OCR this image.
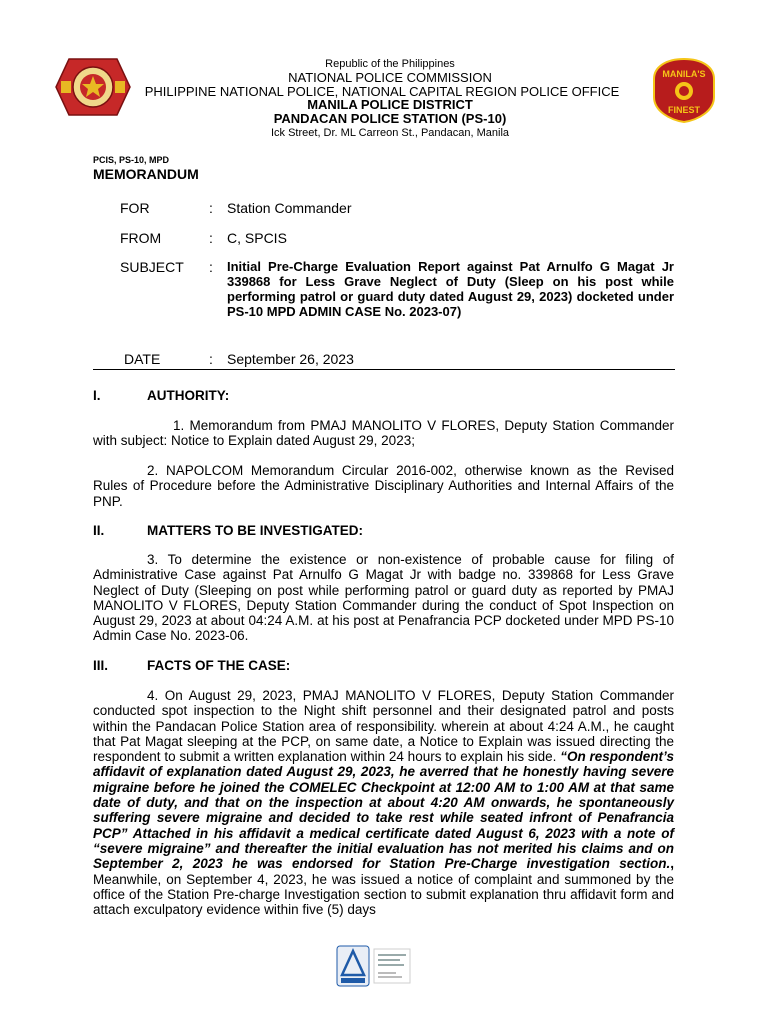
Republic of the Philippines
NATIONAL POLICE COMMISSION
PHILIPPINE NATIONAL POLICE, NATIONAL CAPITAL REGION POLICE OFFICE
MANILA POLICE DISTRICT
PANDACAN POLICE STATION (PS-10)
Ick Street, Dr. ML Carreon St., Pandacan, Manila
MANILA'S
FINEST
PCIS, PS-10, MPD
MEMORANDUM
FOR	: Station Commander
FROM	: C, SPCIS
SUBJECT : Initial Pre-Charge Evaluation Report against Pat Arnulfo G Magat Jr 339868 for Less Grave Neglect of Duty (Sleep on his post while performing patrol or guard duty dated August 29, 2023) docketed under PS-10 MPD ADMIN CASE No. 2023-07)
DATE	: September 26, 2023
I.	AUTHORITY:
1. Memorandum from PMAJ MANOLITO V FLORES, Deputy Station Commander with subject: Notice to Explain dated August 29, 2023;
2. NAPOLCOM Memorandum Circular 2016-002, otherwise known as the Revised Rules of Procedure before the Administrative Disciplinary Authorities and Internal Affairs of the PNP.
II.	MATTERS TO BE INVESTIGATED:
3. To determine the existence or non-existence of probable cause for filing of Administrative Case against Pat Arnulfo G Magat Jr with badge no. 339868 for Less Grave Neglect of Duty (Sleeping on post while performing patrol or guard duty as reported by PMAJ MANOLITO V FLORES, Deputy Station Commander during the conduct of Spot Inspection on August 29, 2023 at about 04:24 A.M. at his post at Penafrancia PCP docketed under MPD PS-10 Admin Case No. 2023-06.
III.	FACTS OF THE CASE:
4. On August 29, 2023, PMAJ MANOLITO V FLORES, Deputy Station Commander conducted spot inspection to the Night shift personnel and their designated patrol and posts within the Pandacan Police Station area of responsibility. wherein at about 4:24 A.M., he caught that Pat Magat sleeping at the PCP, on same date, a Notice to Explain was issued directing the respondent to submit a written explanation within 24 hours to explain his side. “On respondent’s affidavit of explanation dated August 29, 2023, he averred that he honestly having severe migraine before he joined the COMELEC Checkpoint at 12:00 AM to 1:00 AM at that same date of duty, and that on the inspection at about 4:20 AM onwards, he spontaneously suffering severe migraine and decided to take rest while seated infront of Penafrancia PCP” Attached in his affidavit a medical certificate dated August 6, 2023 with a note of “severe migraine” and thereafter the initial evaluation has not merited his claims and on September 2, 2023 he was endorsed for Station Pre-Charge investigation section., Meanwhile, on September 4, 2023, he was issued a notice of complaint and summoned by the office of the Station Pre-charge Investigation section to submit explanation thru affidavit form and attach exculpatory evidence within five (5) days
